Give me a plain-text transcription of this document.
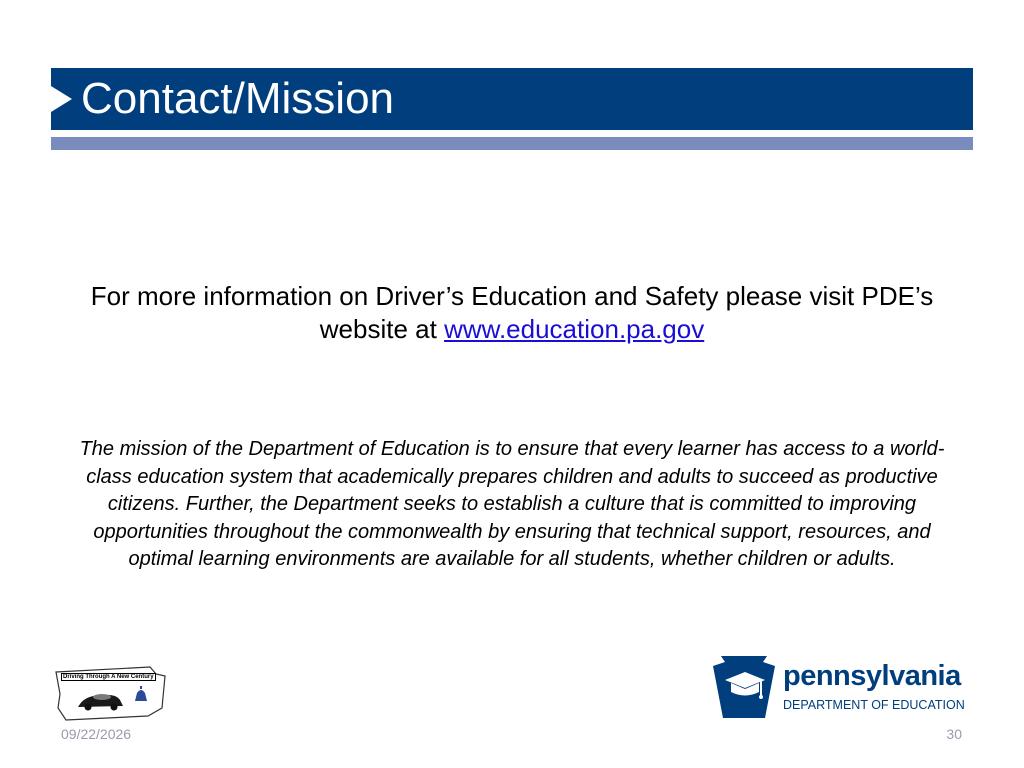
Contact/Mission
For more information on Driver’s Education and Safety please visit PDE’s website at www.education.pa.gov
The mission of the Department of Education is to ensure that every learner has access to a world-class education system that academically prepares children and adults to succeed as productive citizens. Further, the Department seeks to establish a culture that is committed to improving opportunities throughout the commonwealth by ensuring that technical support, resources, and optimal learning environments are available for all students, whether children or adults.
Driving Through A New Century	pennsylvania
DEPARTMENT OF EDUCATION
09/22/2026	30
